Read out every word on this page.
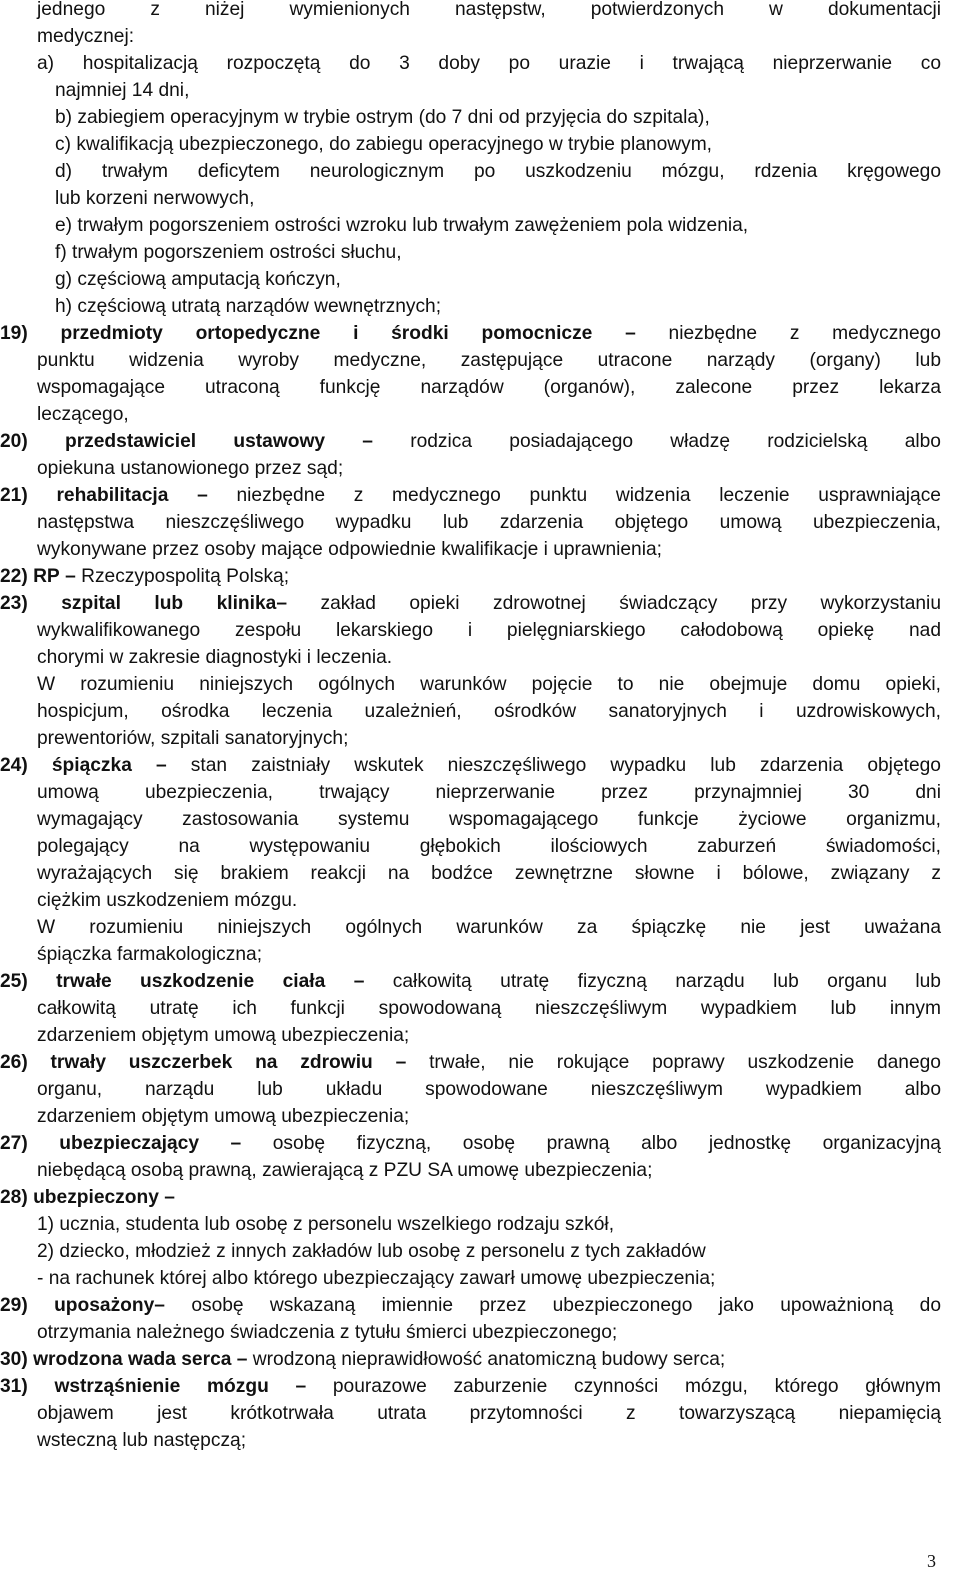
jednego z niżej wymienionych następstw, potwierdzonych w dokumentacji
medycznej:
a) hospitalizacją rozpoczętą do 3 doby po urazie i trwającą nieprzerwanie co
najmniej 14 dni,
b) zabiegiem operacyjnym w trybie ostrym (do 7 dni od przyjęcia do szpitala),
c) kwalifikacją ubezpieczonego, do zabiegu operacyjnego w trybie planowym,
d) trwałym deficytem neurologicznym po uszkodzeniu mózgu, rdzenia kręgowego
lub korzeni nerwowych,
e) trwałym pogorszeniem ostrości wzroku lub trwałym zawężeniem pola widzenia,
f) trwałym pogorszeniem ostrości słuchu,
g) częściową amputacją kończyn,
h) częściową utratą narządów wewnętrznych;
19) przedmioty ortopedyczne i środki pomocnicze – niezbędne z medycznego
punktu widzenia wyroby medyczne, zastępujące utracone narządy (organy) lub
wspomagające utraconą funkcję narządów (organów), zalecone przez lekarza
leczącego,
20) przedstawiciel ustawowy – rodzica posiadającego władzę rodzicielską albo
opiekuna ustanowionego przez sąd;
21) rehabilitacja – niezbędne z medycznego punktu widzenia leczenie usprawniające
następstwa nieszczęśliwego wypadku lub zdarzenia objętego umową ubezpieczenia,
wykonywane przez osoby mające odpowiednie kwalifikacje i uprawnienia;
22) RP – Rzeczypospolitą Polską;
23) szpital lub klinika– zakład opieki zdrowotnej świadczący przy wykorzystaniu
wykwalifikowanego zespołu lekarskiego i pielęgniarskiego całodobową opiekę nad
chorymi w zakresie diagnostyki i leczenia.
W rozumieniu niniejszych ogólnych warunków pojęcie to nie obejmuje domu opieki,
hospicjum, ośrodka leczenia uzależnień, ośrodków sanatoryjnych i uzdrowiskowych,
prewentoriów, szpitali sanatoryjnych;
24) śpiączka – stan zaistniały wskutek nieszczęśliwego wypadku lub zdarzenia objętego
umową ubezpieczenia, trwający nieprzerwanie przez przynajmniej 30 dni
wymagający zastosowania systemu wspomagającego funkcje życiowe organizmu,
polegający na występowaniu głębokich ilościowych zaburzeń świadomości,
wyrażających się brakiem reakcji na bodźce zewnętrzne słowne i bólowe, związany z
ciężkim uszkodzeniem mózgu.
W rozumieniu niniejszych ogólnych warunków za śpiączkę nie jest uważana
śpiączka farmakologiczna;
25) trwałe uszkodzenie ciała – całkowitą utratę fizyczną narządu lub organu lub
całkowitą utratę ich funkcji spowodowaną nieszczęśliwym wypadkiem lub innym
zdarzeniem objętym umową ubezpieczenia;
26) trwały uszczerbek na zdrowiu – trwałe, nie rokujące poprawy uszkodzenie danego
organu, narządu lub układu spowodowane nieszczęśliwym wypadkiem albo
zdarzeniem objętym umową ubezpieczenia;
27) ubezpieczający – osobę fizyczną, osobę prawną albo jednostkę organizacyjną
niebędącą osobą prawną, zawierającą z PZU SA umowę ubezpieczenia;
28) ubezpieczony –
1) ucznia, studenta lub osobę z personelu wszelkiego rodzaju szkół,
2) dziecko, młodzież z innych zakładów lub osobę z personelu z tych zakładów
- na rachunek której albo którego ubezpieczający zawarł umowę ubezpieczenia;
29) uposażony– osobę wskazaną imiennie przez ubezpieczonego jako upoważnioną do
otrzymania należnego świadczenia z tytułu śmierci ubezpieczonego;
30) wrodzona wada serca – wrodzoną nieprawidłowość anatomiczną budowy serca;
31) wstrząśnienie mózgu – pourazowe zaburzenie czynności mózgu, którego głównym
objawem jest krótkotrwała utrata przytomności z towarzyszącą niepamięcią
wsteczną lub następczą;
3
